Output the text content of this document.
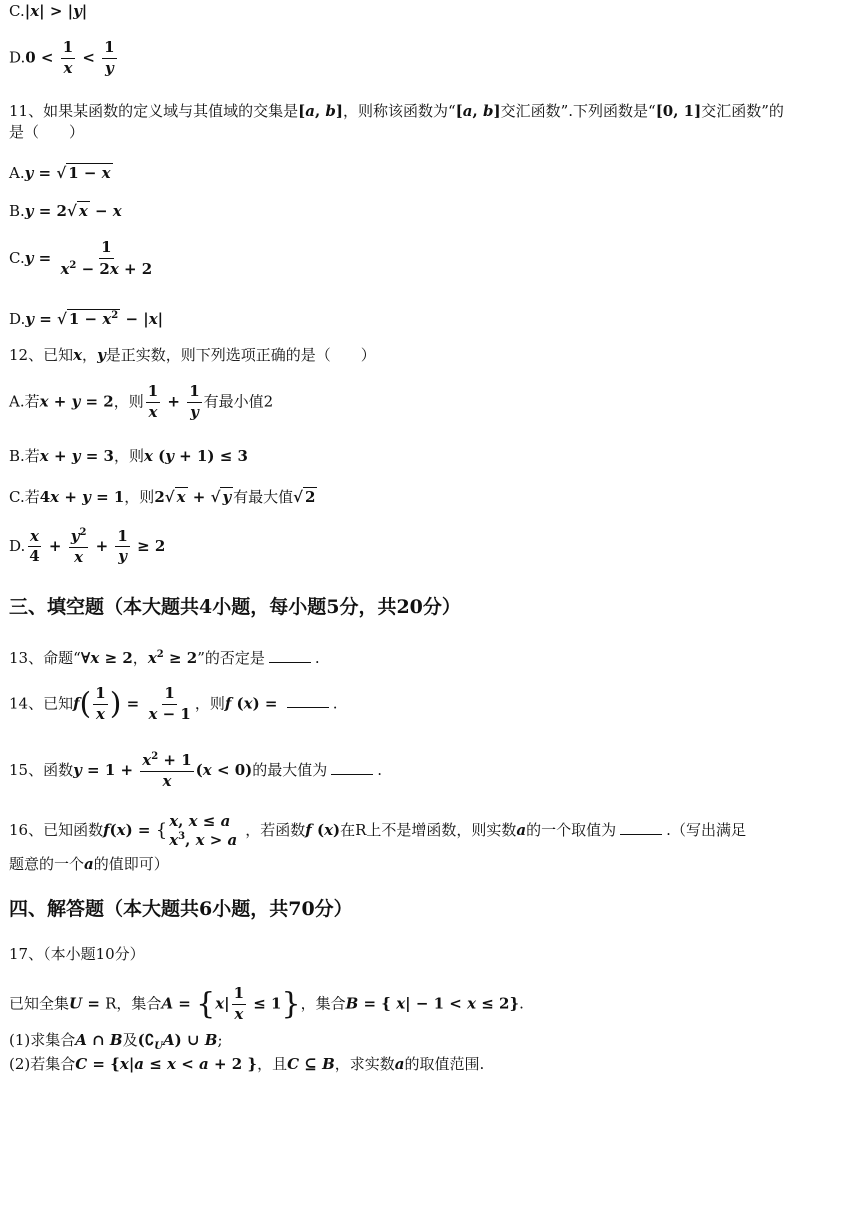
C.|x| > |y|
$D.0 < \frac{1}{x} < \frac{1}{y}$
11、如果某函数的定义域与其值域的交集是[a, b]，则称该函数为“[a, b]交汇函数”.下列函数是“[0, 1]交汇函数”的
是（　　）
A.y = √ 1 − x
B.y = 2√ x − x
$C.y = \frac{1}{x^2 - 2x + 2}$
D.y = √ $1 - x^2 - |x|$
12、已知x，y是正实数，则下列选项正确的是（　　）
A.若x + y = 2，则 $\frac{1}{x} + \frac{1}{y}$ 有最小值2
B.若x + y = 3，则x (y + 1) ≤ 3
C.若4x + y = 1，则2√ x + √ y 有最大值√ 2
D. $\frac{x}{4} + \frac{y^2}{x} + \frac{1}{y} \ge 2$
三、填空题（本大题共4小题，每小题5分，共20分）
13、命题“∀x ≥ 2，$x^2 \ge 2$”的否定是	.
14、已知$f( \frac{1}{x}$ ) = $\frac{1}{x - 1}$ ，则f (x) =	.
15、函数$y = 1 + \frac{x^2 + 1}{x} (x < 0)$的最大值为	.
16、已知函数f(x) = { x, x ≤ a
$x^3$, x > a
，若函数f (x)在R上不是增函数，则实数a的一个取值为	.（写出满足
题意的一个a的值即可）
四、解答题（本大题共6小题，共70分）
17、（本小题10分）
已知全集U = R，集合$A = \{x| \frac{1}{x} \le 1\}$，集合B = { x| − 1 < x ≤ 2}.
(1)求集合A ∩ B及$(∁_UA)$ ∪ B;
(2)若集合C = {x|a ≤ x < a + 2 }，且C ⊆ B，求实数a的取值范围.
